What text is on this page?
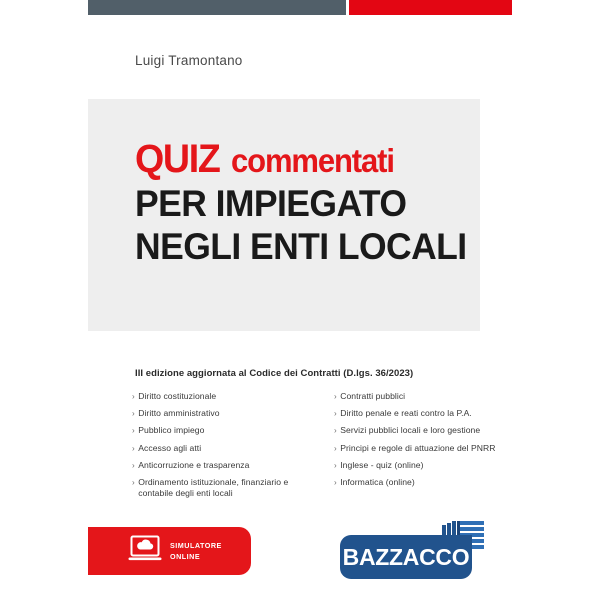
Luigi Tramontano
QUIZ commentati
PER IMPIEGATO
NEGLI ENTI LOCALI
III edizione aggiornata al Codice dei Contratti (D.lgs. 36/2023)
› Diritto costituzionale
› Diritto amministrativo
› Pubblico impiego
› Accesso agli atti
› Anticorruzione e trasparenza
› Ordinamento istituzionale, finanziario e contabile degli enti locali
› Contratti pubblici
› Diritto penale e reati contro la P.A.
› Servizi pubblici locali e loro gestione
› Principi e regole di attuazione del PNRR
› Inglese - quiz (online)
› Informatica (online)
SIMULATORE
ONLINE	BAZZACCO
